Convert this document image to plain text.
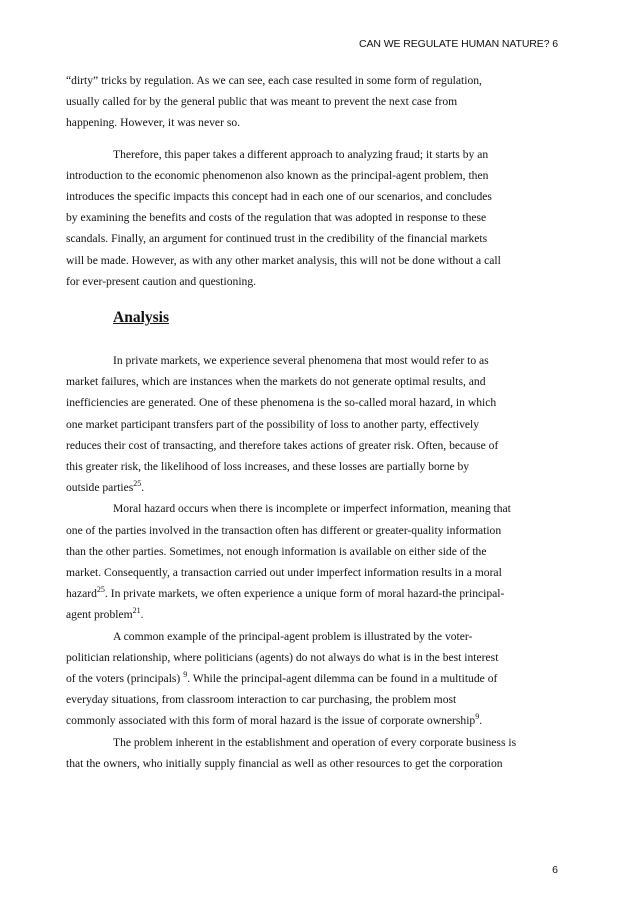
CAN WE REGULATE HUMAN NATURE? 6

“dirty” tricks by regulation. As we can see, each case resulted in some form of regulation,
usually called for by the general public that was meant to prevent the next case from
happening. However, it was never so.

Therefore, this paper takes a different approach to analyzing fraud; it starts by an
introduction to the economic phenomenon also known as the principal-agent problem, then
introduces the specific impacts this concept had in each one of our scenarios, and concludes
by examining the benefits and costs of the regulation that was adopted in response to these
scandals. Finally, an argument for continued trust in the credibility of the financial markets
will be made. However, as with any other market analysis, this will not be done without a call
for ever-present caution and questioning.

Analysis

In private markets, we experience several phenomena that most would refer to as
market failures, which are instances when the markets do not generate optimal results, and
inefficiencies are generated. One of these phenomena is the so-called moral hazard, in which
one market participant transfers part of the possibility of loss to another party, effectively
reduces their cost of transacting, and therefore takes actions of greater risk. Often, because of
this greater risk, the likelihood of loss increases, and these losses are partially borne by
outside parties$^{25}$.

Moral hazard occurs when there is incomplete or imperfect information, meaning that
one of the parties involved in the transaction often has different or greater-quality information
than the other parties. Sometimes, not enough information is available on either side of the
market. Consequently, a transaction carried out under imperfect information results in a moral
hazard$^{25}$. In private markets, we often experience a unique form of moral hazard-the principal-
agent problem$^{21}$.

A common example of the principal-agent problem is illustrated by the voter-
politician relationship, where politicians (agents) do not always do what is in the best interest
of the voters (principals) $^9$. While the principal-agent dilemma can be found in a multitude of
everyday situations, from classroom interaction to car purchasing, the problem most
commonly associated with this form of moral hazard is the issue of corporate ownership$^9$.

The problem inherent in the establishment and operation of every corporate business is
that the owners, who initially supply financial as well as other resources to get the corporation

6
